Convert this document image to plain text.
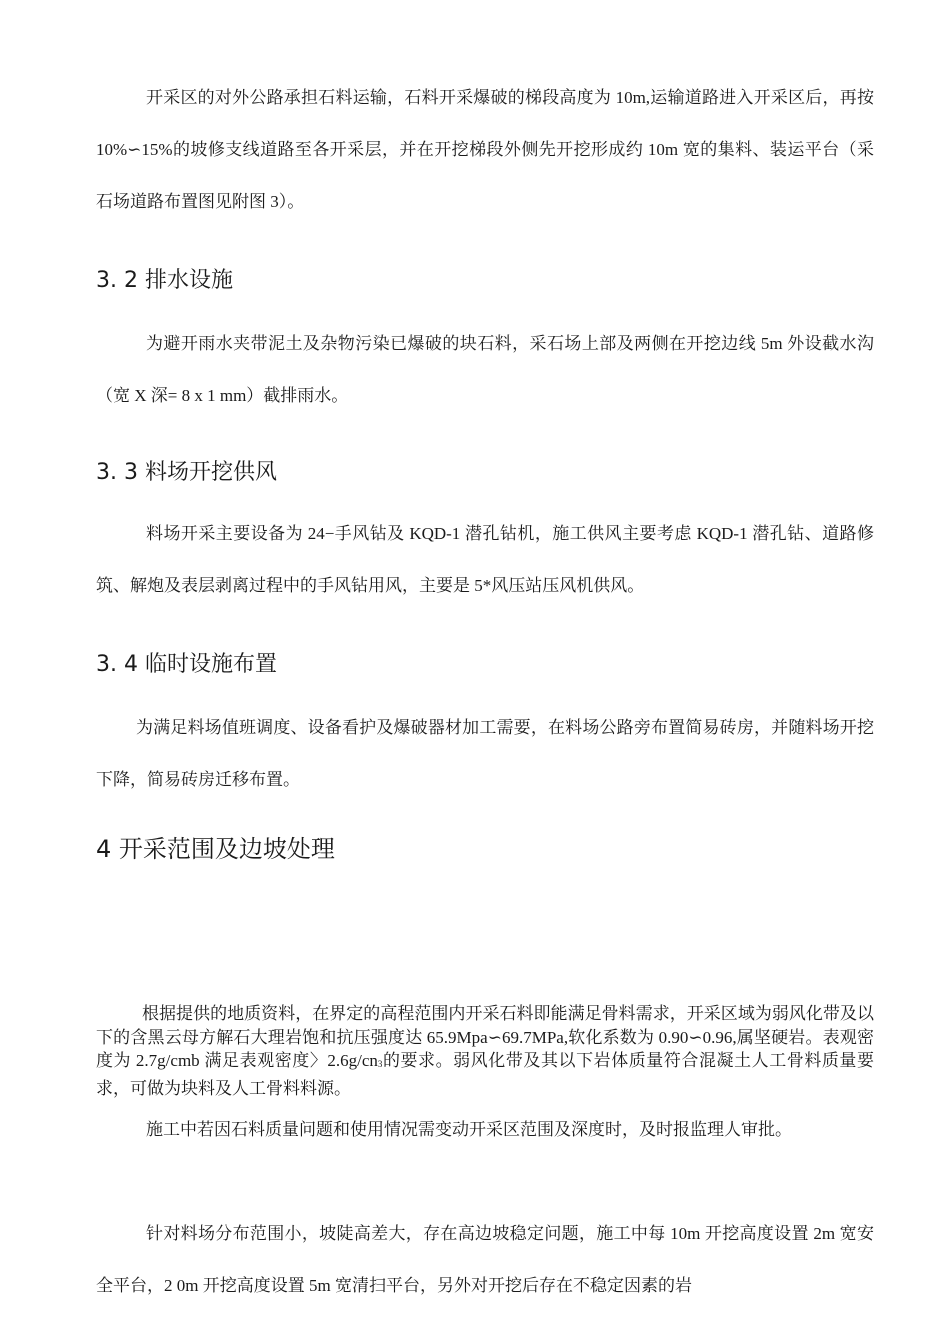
开采区的对外公路承担石料运输，石料开采爆破的梯段高度为 10m,运输道路进入开采区后，再按 10%∽15%的坡修支线道路至各开采层，并在开挖梯段外侧先开挖形成约 10m 宽的集料、装运平台（采石场道路布置图见附图 3）。

3. 2 排水设施

为避开雨水夹带泥土及杂物污染已爆破的块石料，采石场上部及两侧在开挖边线 5m 外设截水沟（宽 X 深= 8 x 1 mm）截排雨水。

3. 3 料场开挖供风

料场开采主要设备为 24−手风钻及 KQD-1 潜孔钻机，施工供风主要考虑 KQD-1 潜孔钻、道路修筑、解炮及表层剥离过程中的手风钻用风，主要是 5*风压站压风机供风。

3. 4 临时设施布置

为满足料场值班调度、设备看护及爆破器材加工需要，在料场公路旁布置简易砖房，并随料场开挖下降，简易砖房迁移布置。

4 开采范围及边坡处理

根据提供的地质资料，在界定的高程范围内开采石料即能满足骨料需求，开采区域为弱风化带及以下的含黑云母方解石大理岩饱和抗压强度达 65.9Mpa∽69.7MPa,软化系数为 0.90∽0.96,属坚硬岩。表观密度为 2.7g/cmb 满足表观密度〉$2.6g/cn_3$的要求。弱风化带及其以下岩体质量符合混凝土人工骨料质量要求，可做为块料及人工骨料料源。

施工中若因石料质量问题和使用情况需变动开采区范围及深度时，及时报监理人审批。

针对料场分布范围小，坡陡高差大，存在高边坡稳定问题，施工中每 10m 开挖高度设置 2m 宽安全平台，2 0m 开挖高度设置 5m 宽清扫平台，另外对开挖后存在不稳定因素的岩
